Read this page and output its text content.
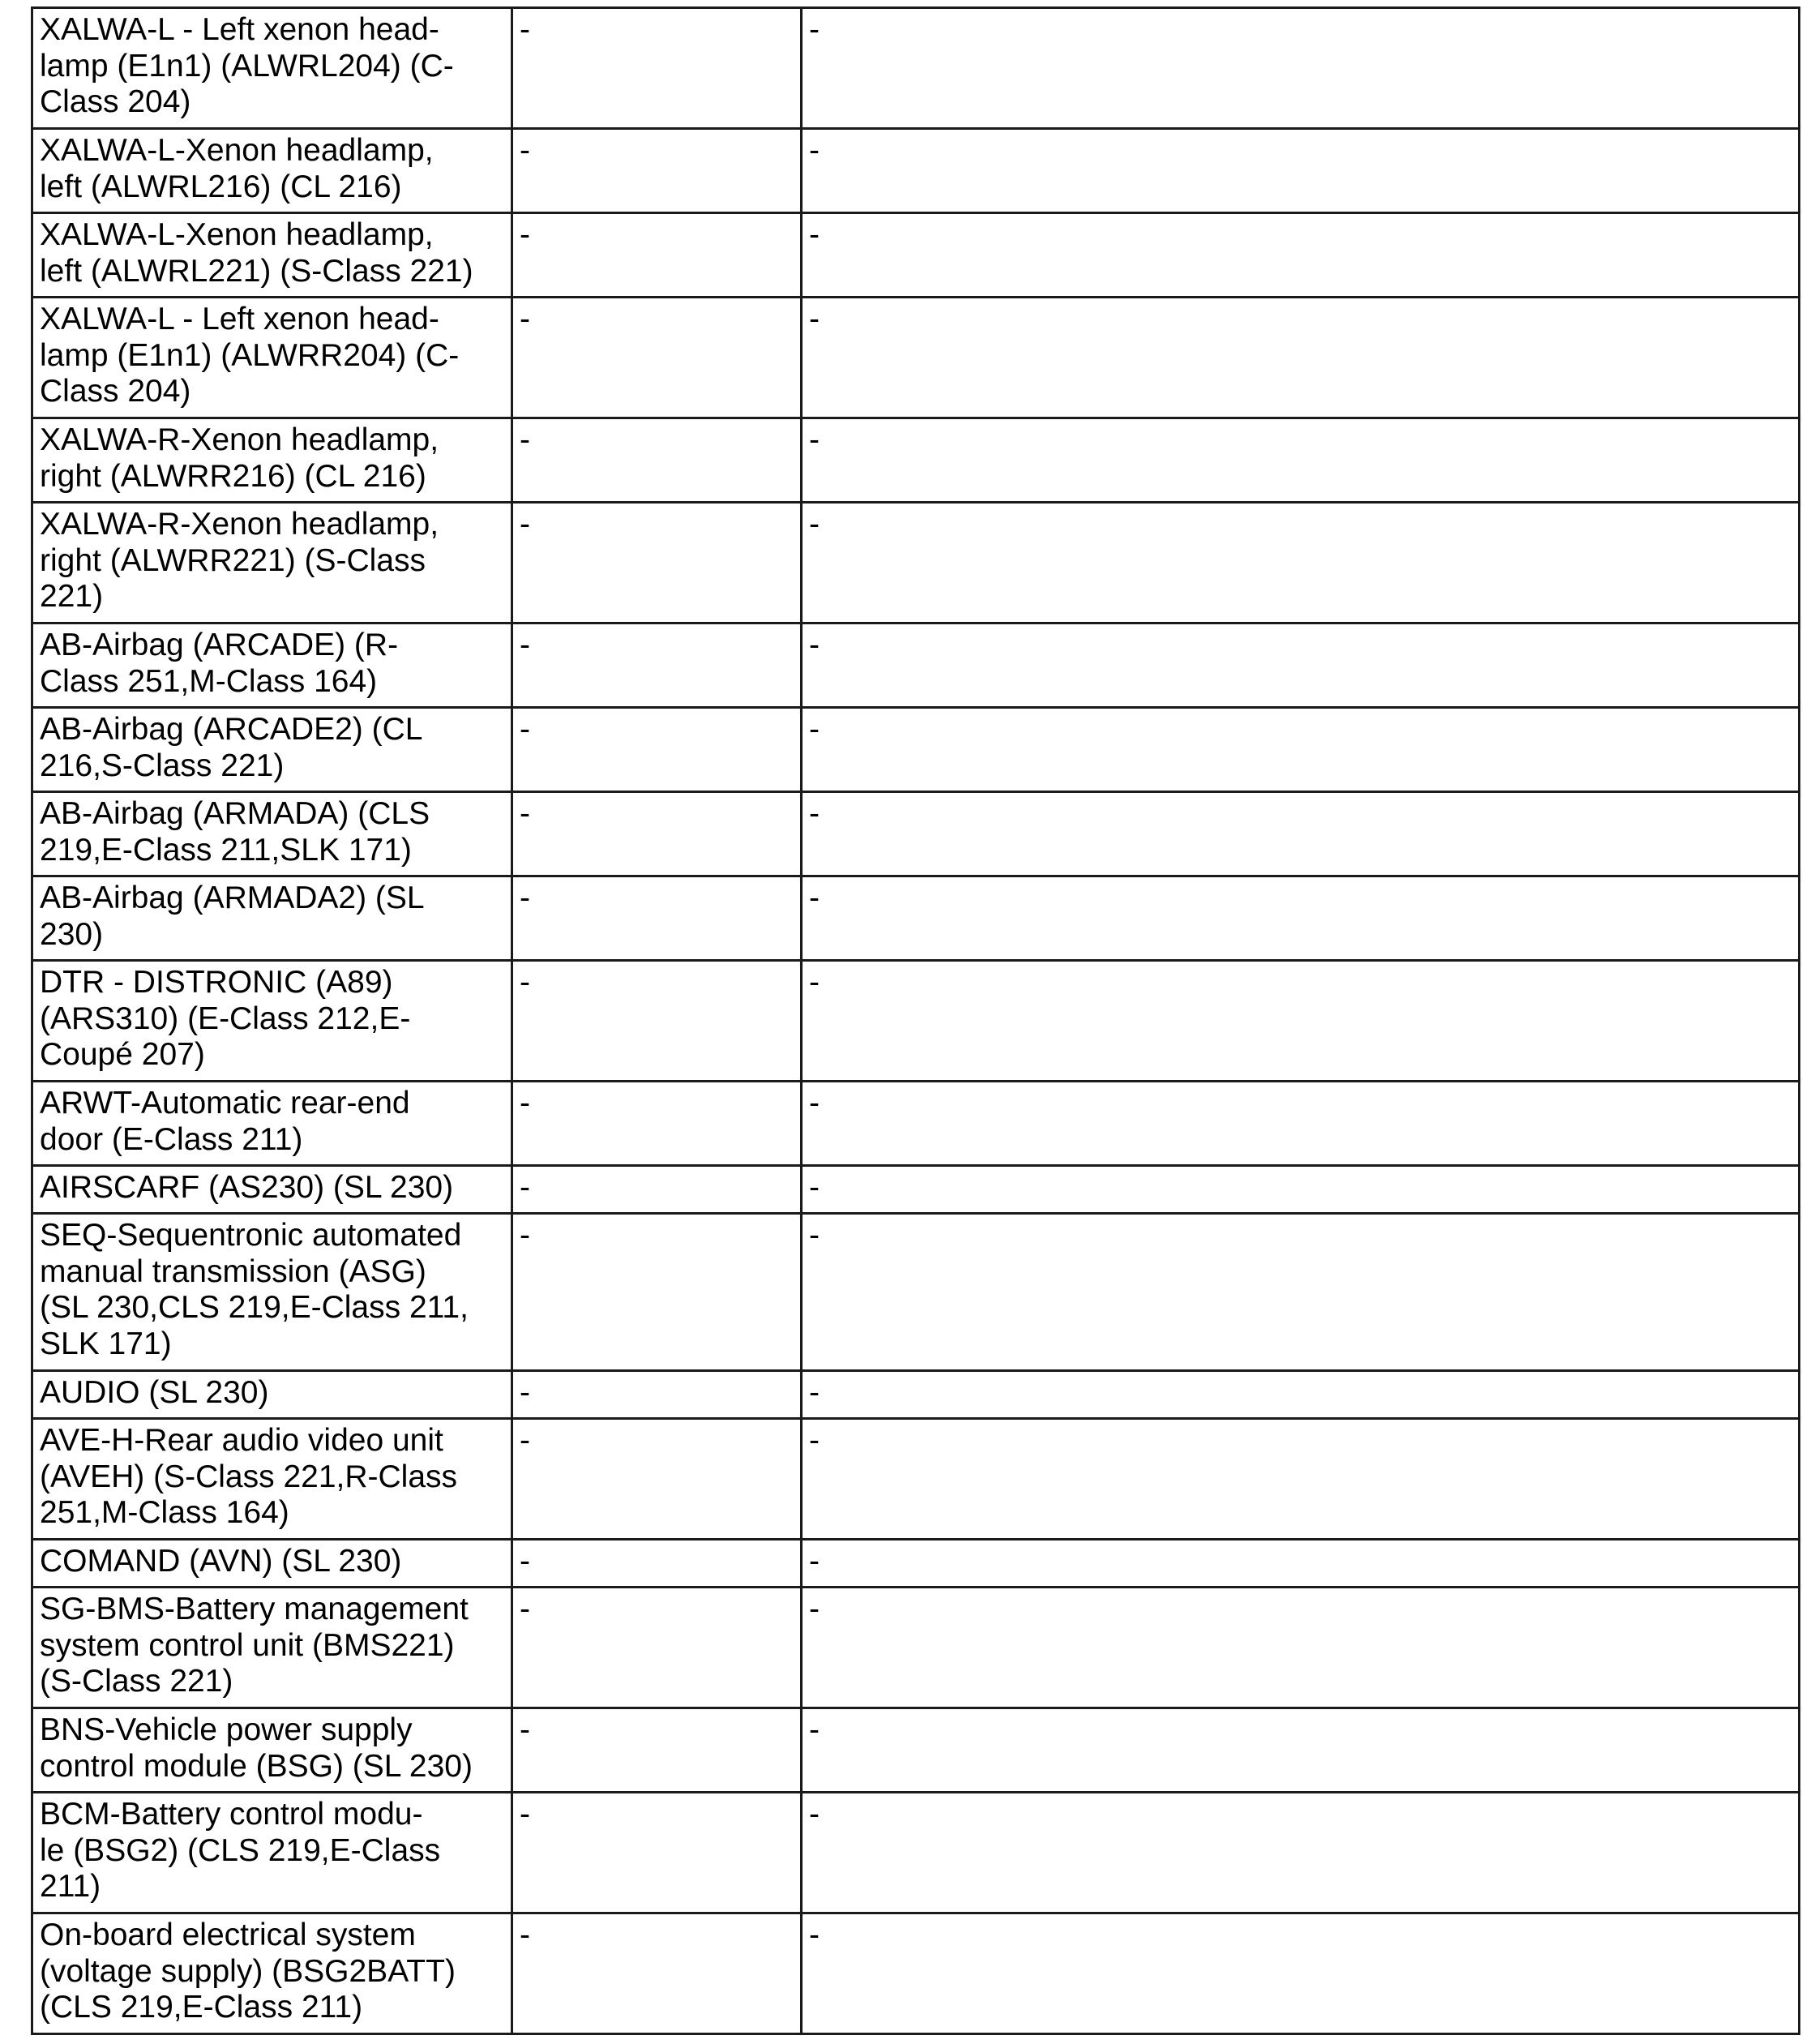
XALWA-L - Left xenon head-
lamp (E1n1) (ALWRL204) (C-
Class 204)	-	-

XALWA-L-Xenon headlamp,
left (ALWRL216) (CL 216)	-	-

XALWA-L-Xenon headlamp,
left (ALWRL221) (S-Class 221)	-	-

XALWA-L - Left xenon head-
lamp (E1n1) (ALWRR204) (C-
Class 204)	-	-

XALWA-R-Xenon headlamp,
right (ALWRR216) (CL 216)	-	-

XALWA-R-Xenon headlamp,
right (ALWRR221) (S-Class
221)	-	-

AB-Airbag (ARCADE) (R-
Class 251,M-Class 164)	-	-

AB-Airbag (ARCADE2) (CL
216,S-Class 221)	-	-

AB-Airbag (ARMADA) (CLS
219,E-Class 211,SLK 171)	-	-

AB-Airbag (ARMADA2) (SL
230)	-	-

DTR - DISTRONIC (A89)
(ARS310) (E-Class 212,E-
Coupé 207)	-	-

ARWT-Automatic rear-end
door (E-Class 211)	-	-

AIRSCARF (AS230) (SL 230)	-	-

SEQ-Sequentronic automated
manual transmission (ASG)
(SL 230,CLS 219,E-Class 211,
SLK 171)	-	-

AUDIO (SL 230)	-	-

AVE-H-Rear audio video unit
(AVEH) (S-Class 221,R-Class
251,M-Class 164)	-	-

COMAND (AVN) (SL 230)	-	-

SG-BMS-Battery management
system control unit (BMS221)
(S-Class 221)	-	-

BNS-Vehicle power supply
control module (BSG) (SL 230)	-	-

BCM-Battery control modu-
le (BSG2) (CLS 219,E-Class
211)	-	-

On-board electrical system
(voltage supply) (BSG2BATT)
(CLS 219,E-Class 211)	-	-
